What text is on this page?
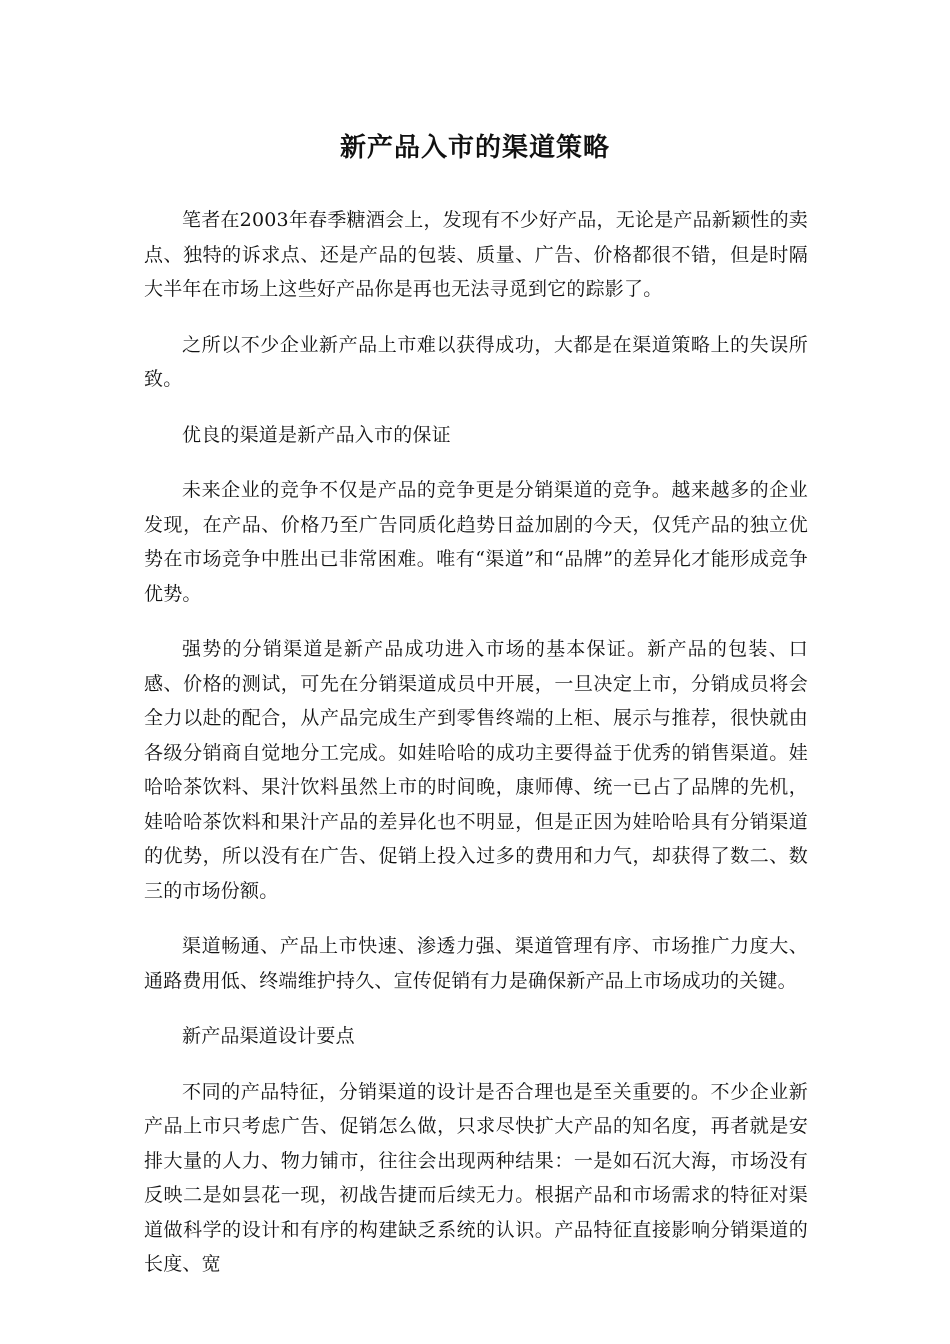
新产品入市的渠道策略

笔者在2003年春季糖酒会上，发现有不少好产品，无论是产品新颖性的卖点、独特的诉求点、还是产品的包装、质量、广告、价格都很不错，但是时隔大半年在市场上这些好产品你是再也无法寻觅到它的踪影了。

之所以不少企业新产品上市难以获得成功，大都是在渠道策略上的失误所致。

优良的渠道是新产品入市的保证

未来企业的竞争不仅是产品的竞争更是分销渠道的竞争。越来越多的企业发现，在产品、价格乃至广告同质化趋势日益加剧的今天，仅凭产品的独立优势在市场竞争中胜出已非常困难。唯有“渠道”和“品牌”的差异化才能形成竞争优势。

强势的分销渠道是新产品成功进入市场的基本保证。新产品的包装、口感、价格的测试，可先在分销渠道成员中开展，一旦决定上市，分销成员将会全力以赴的配合，从产品完成生产到零售终端的上柜、展示与推荐，很快就由各级分销商自觉地分工完成。如娃哈哈的成功主要得益于优秀的销售渠道。娃哈哈茶饮料、果汁饮料虽然上市的时间晚，康师傅、统一已占了品牌的先机，娃哈哈茶饮料和果汁产品的差异化也不明显，但是正因为娃哈哈具有分销渠道的优势，所以没有在广告、促销上投入过多的费用和力气，却获得了数二、数三的市场份额。

渠道畅通、产品上市快速、渗透力强、渠道管理有序、市场推广力度大、通路费用低、终端维护持久、宣传促销有力是确保新产品上市场成功的关键。

新产品渠道设计要点

不同的产品特征，分销渠道的设计是否合理也是至关重要的。不少企业新产品上市只考虑广告、促销怎么做，只求尽快扩大产品的知名度，再者就是安排大量的人力、物力铺市，往往会出现两种结果：一是如石沉大海，市场没有反映二是如昙花一现，初战告捷而后续无力。根据产品和市场需求的特征对渠道做科学的设计和有序的构建缺乏系统的认识。产品特征直接影响分销渠道的长度、宽
